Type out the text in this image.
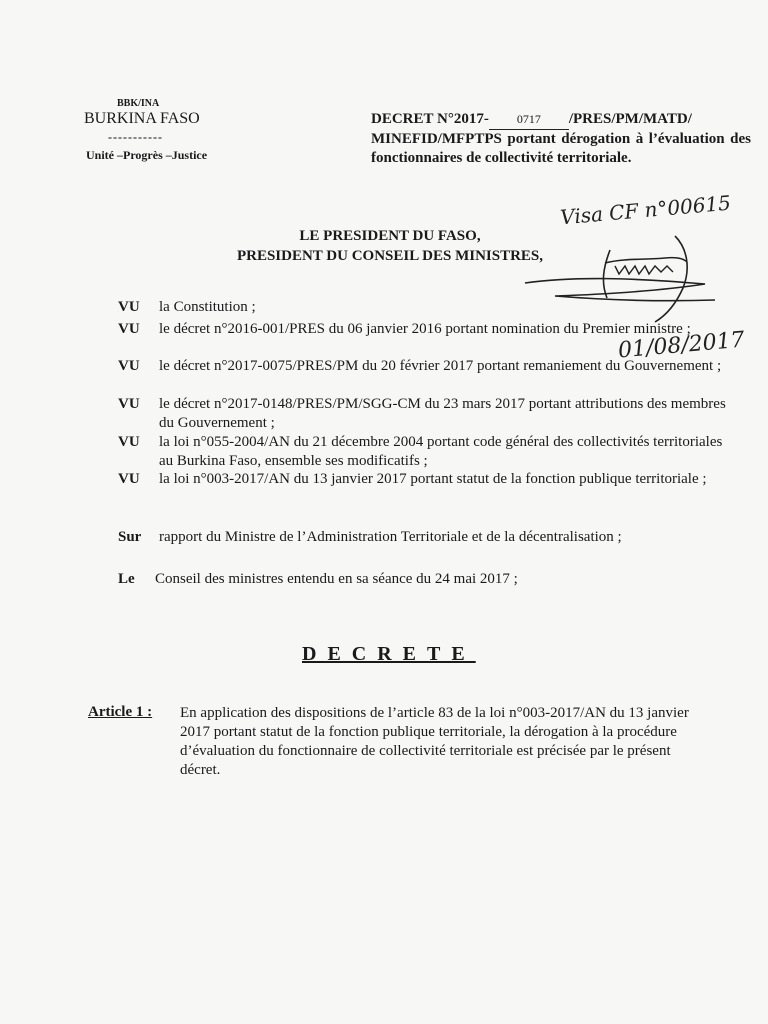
BBK/INA
BURKINA FASO
-----------
Unité –Progrès –Justice
DECRET N°2017- 0717 /PRES/PM/MATD/
MINEFID/MFPTPS portant dérogation à l’évaluation des fonctionnaires de collectivité territoriale.
Visa CF n°00615
LE PRESIDENT DU FASO,
PRESIDENT DU CONSEIL DES MINISTRES,
VU la Constitution ;
VU le décret n°2016-001/PRES du 06 janvier 2016 portant nomination du Premier ministre ;
VU le décret n°2017-0075/PRES/PM du 20 février 2017 portant remaniement du Gouvernement ;
VU le décret n°2017-0148/PRES/PM/SGG-CM du 23 mars 2017 portant attributions des membres du Gouvernement ;
VU la loi n°055-2004/AN du 21 décembre 2004 portant code général des collectivités territoriales au Burkina Faso, ensemble ses modificatifs ;
VU la loi n°003-2017/AN du 13 janvier 2017 portant statut de la fonction publique territoriale ;
01/08/2017
Sur rapport du Ministre de l’Administration Territoriale et de la décentralisation ;
Le Conseil des ministres entendu en sa séance du 24 mai 2017 ;
DECRETE
Article 1 : En application des dispositions de l’article 83 de la loi n°003-2017/AN du 13 janvier 2017 portant statut de la fonction publique territoriale, la dérogation à la procédure d’évaluation du fonctionnaire de collectivité territoriale est précisée par le présent décret.
